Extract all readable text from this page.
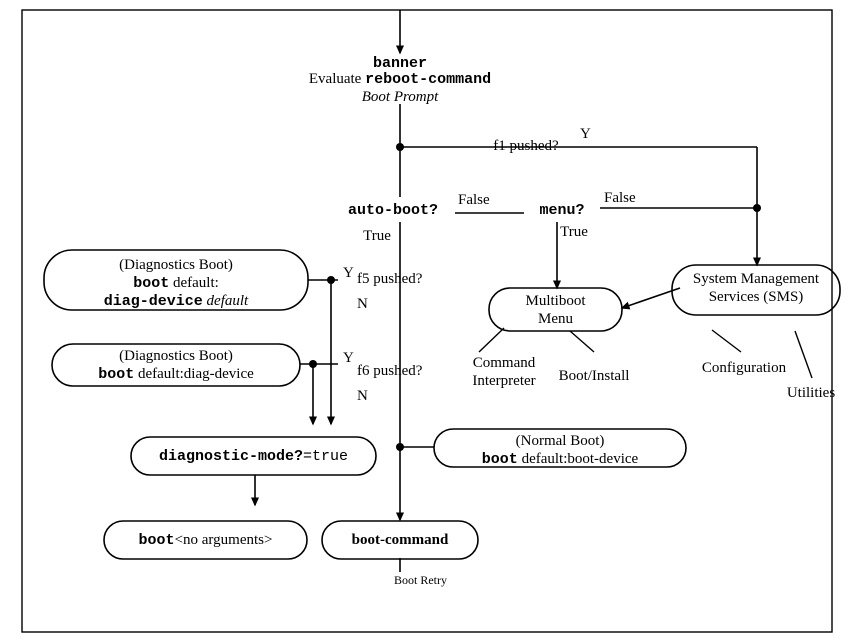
banner
Evaluate reboot-command
Boot Prompt
f1 pushed?
Y
auto-boot?
False
True
menu?
False
True
Y f5 pushed?
N
Y
f6 pushed?
N
(Diagnostics Boot)
boot default:
diag-device default
(Diagnostics Boot)
boot default:diag-device
(Normal Boot)
boot default:boot-device
diagnostic-mode?=true
boot<no arguments>	boot-command
Multiboot
Menu
System Management
Services (SMS)
Command
Interpreter Boot/Install	Configuration
Utilities
Boot Retry
